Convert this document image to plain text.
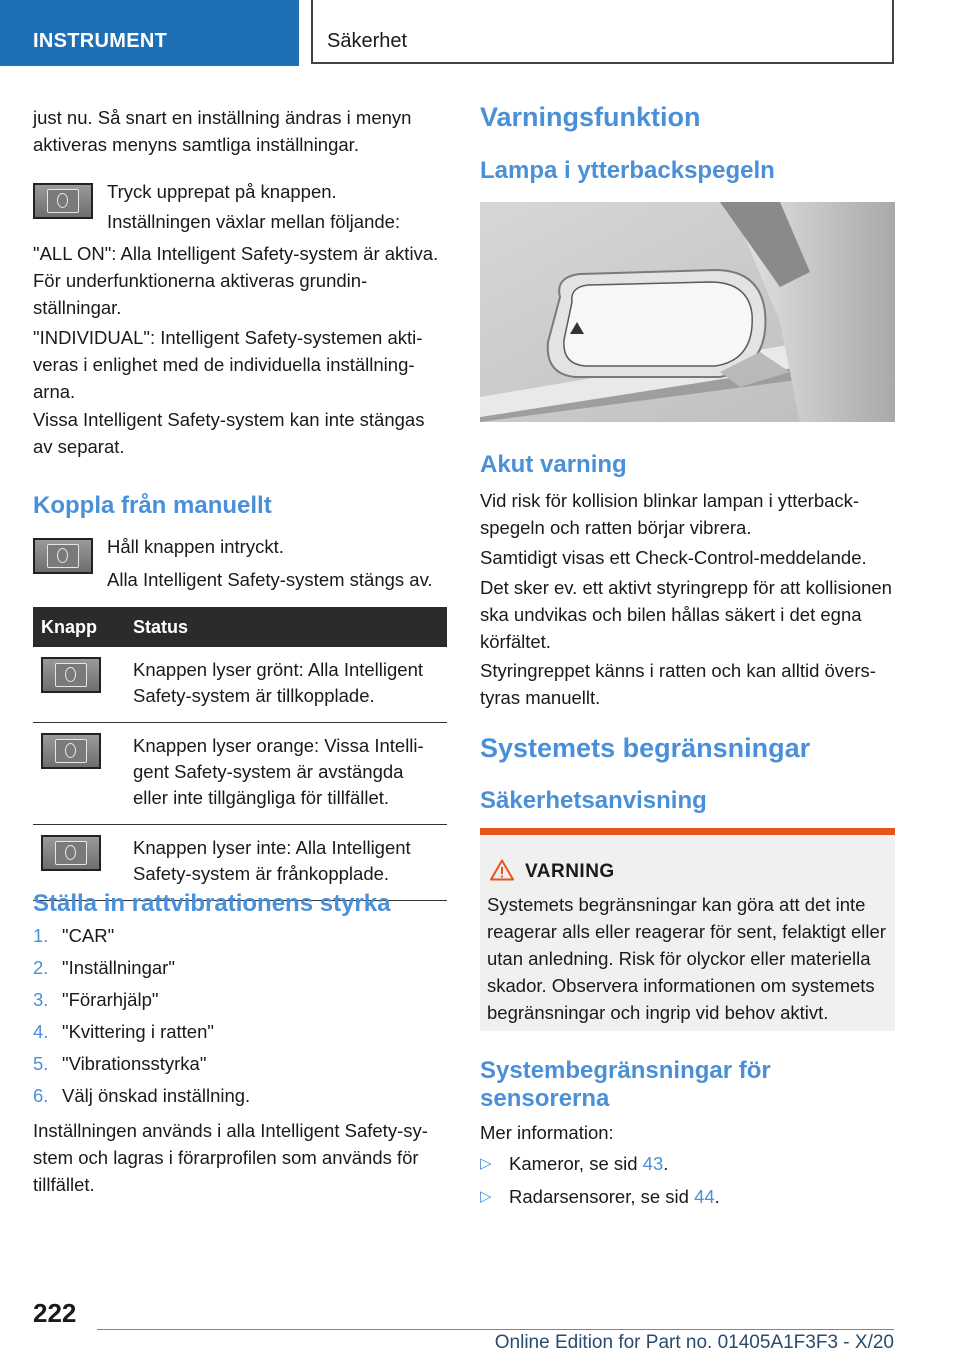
INSTRUMENT	Säkerhet

just nu. Så snart en inställning ändras i menyn aktiveras menyns samtliga inställningar.

Tryck upprepat på knappen.

Inställningen växlar mellan följande:

"ALL ON": Alla Intelligent Safety-system är aktiva. För underfunktionerna aktiveras grundinställningar.

"INDIVIDUAL": Intelligent Safety-systemen aktiveras i enlighet med de individuella inställningarna.

Vissa Intelligent Safety-system kan inte stängas av separat.

Koppla från manuellt

Håll knappen intryckt.

Alla Intelligent Safety-system stängs av.

Knapp	Status

	Knappen lyser grönt: Alla Intelligent Safety-system är tillkopplade.

	Knappen lyser orange: Vissa Intelligent Safety-system är avstängda eller inte tillgängliga för tillfället.

	Knappen lyser inte: Alla Intelligent Safety-system är frånkopplade.
Ställa in rattvibrationens styrka
1. "CAR"
2. "Inställningar"
3. "Förarhjälp"
4. "Kvittering i ratten"
5. "Vibrationsstyrka"
6. Välj önskad inställning.

Inställningen används i alla Intelligent Safety-system och lagras i förarprofilen som används för tillfället.

Varningsfunktion
Lampa i ytterbackspegeln
Akut varning

Vid risk för kollision blinkar lampan i ytterbackspegeln och ratten börjar vibrera.

Samtidigt visas ett Check-Control-meddelande.

Det sker ev. ett aktivt styringrepp för att kollisionen ska undvikas och bilen hållas säkert i det egna körfältet.

Styringreppet känns i ratten och kan alltid överstyras manuellt.

Systemets begränsningar
Säkerhetsanvisning
VARNING

Systemets begränsningar kan göra att det inte reagerar alls eller reagerar för sent, felaktigt eller utan anledning. Risk för olyckor eller materiella skador. Observera informationen om systemets begränsningar och ingrip vid behov aktivt.

Systembegränsningar för sensorerna

Mer information:

▷ Kameror, se sid 43.
▷ Radarsensorer, se sid 44.
222
Online Edition for Part no. 01405A1F3F3 - X/20
